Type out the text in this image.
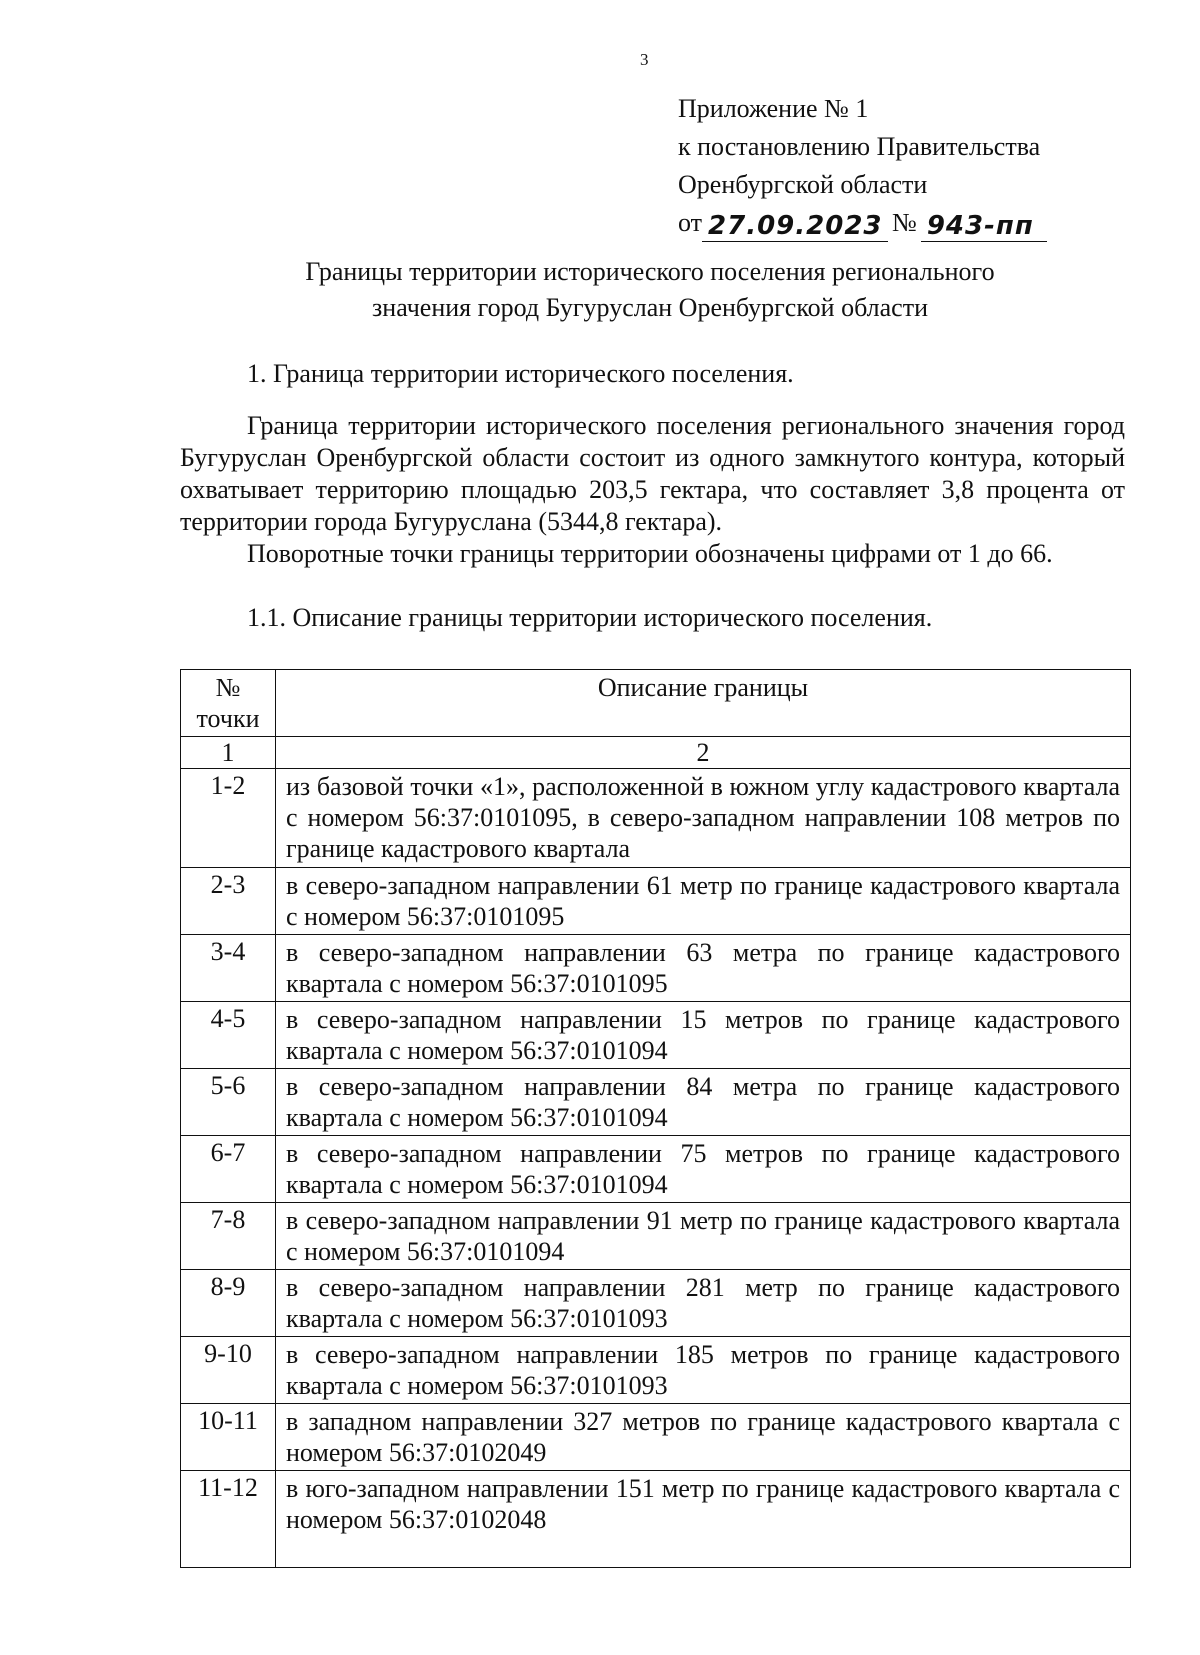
3
Приложение № 1
к постановлению Правительства
Оренбургской области
от 27.09.2023 № 943-пп
Границы территории исторического поселения регионального
значения город Бугуруслан Оренбургской области
1. Граница территории исторического поселения.
Граница территории исторического поселения регионального значения город Бугуруслан Оренбургской области состоит из одного замкнутого контура, который охватывает территорию площадью 203,5 гектара, что составляет 3,8 процента от территории города Бугуруслана (5344,8 гектара).
Поворотные точки границы территории обозначены цифрами от 1 до 66.
1.1. Описание границы территории исторического поселения.
№ точки	Описание границы
1	2
1-2	из базовой точки «1», расположенной в южном углу кадастрового квартала с номером 56:37:0101095, в северо-западном направлении 108 метров по границе кадастрового квартала
2-3	в северо-западном направлении 61 метр по границе кадастрового квартала с номером 56:37:0101095
3-4	в северо-западном направлении 63 метра по границе кадастрового квартала с номером 56:37:0101095
4-5	в северо-западном направлении 15 метров по границе кадастрового квартала с номером 56:37:0101094
5-6	в северо-западном направлении 84 метра по границе кадастрового квартала с номером 56:37:0101094
6-7	в северо-западном направлении 75 метров по границе кадастрового квартала с номером 56:37:0101094
7-8	в северо-западном направлении 91 метр по границе кадастрового квартала с номером 56:37:0101094
8-9	в северо-западном направлении 281 метр по границе кадастрового квартала с номером 56:37:0101093
9-10	в северо-западном направлении 185 метров по границе кадастрового квартала с номером 56:37:0101093
10-11	в западном направлении 327 метров по границе кадастрового квартала с номером 56:37:0102049
11-12	в юго-западном направлении 151 метр по границе кадастрового квартала с номером 56:37:0102048
